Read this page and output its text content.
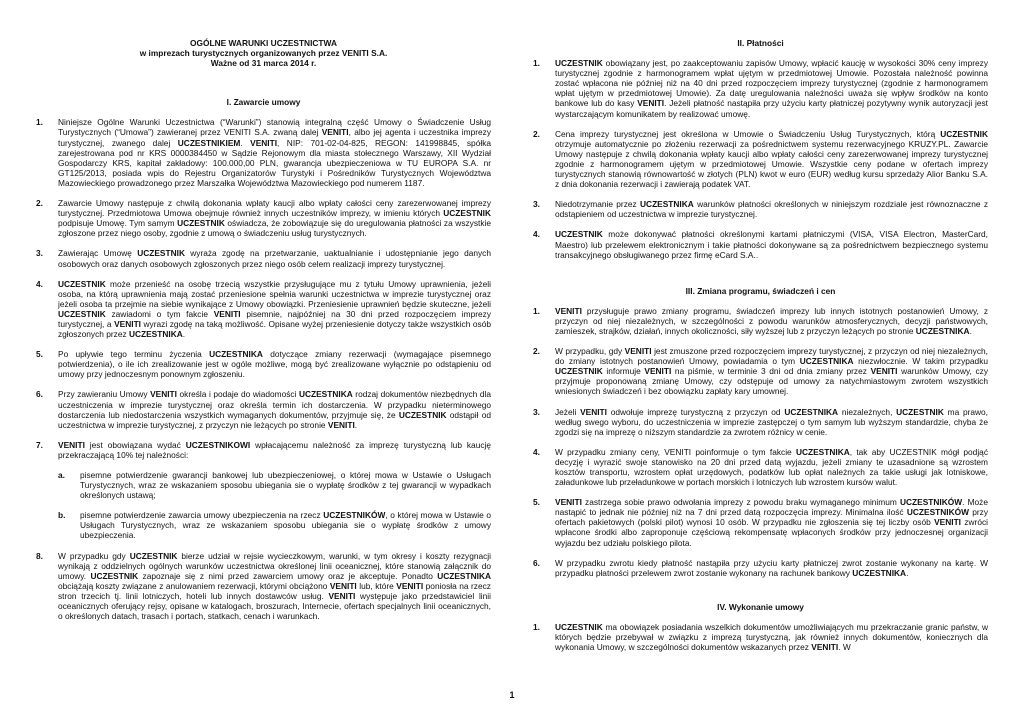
OGÓLNE WARUNKI UCZESTNICTWA
w imprezach turystycznych organizowanych przez VENITI S.A.
Ważne od 31 marca 2014 r.
I. Zawarcie umowy
1. Niniejsze Ogólne Warunki Uczestnictwa (“Warunki”) stanowią integralną część Umowy o Świadczenie Usług Turystycznych (“Umowa”) zawieranej przez VENITI S.A. zwaną dalej VENITI, albo jej agenta i uczestnika imprezy turystycznej, zwanego dalej UCZESTNIKIEM. VENITI, NIP: 701-02-04-825, REGON: 141998845, spółka zarejestrowana pod nr KRS 0000384450 w Sądzie Rejonowym dla miasta stołecznego Warszawy, XII Wydział Gospodarczy KRS, kapitał zakładowy: 100.000,00 PLN, gwarancja ubezpieczeniowa w TU EUROPA S.A. nr GT125/2013, posiada wpis do Rejestru Organizatorów Turystyki i Pośredników Turystycznych Województwa Mazowieckiego prowadzonego przez Marszałka Województwa Mazowieckiego pod numerem 1187.
2. Zawarcie Umowy następuje z chwilą dokonania wpłaty kaucji albo wpłaty całości ceny zarezerwowanej imprezy turystycznej. Przedmiotowa Umowa obejmuje również innych uczestników imprezy, w imieniu których UCZESTNIK podpisuje Umowę. Tym samym UCZESTNIK oświadcza, że zobowiązuje się do uregulowania płatności za wszystkie zgłoszone przez niego osoby, zgodnie z umową o świadczeniu usług turystycznych.
3. Zawierając Umowę UCZESTNIK wyraża zgodę na przetwarzanie, uaktualnianie i udostępnianie jego danych osobowych oraz danych osobowych zgłoszonych przez niego osób celem realizacji imprezy turystycznej.
4. UCZESTNIK może przenieść na osobę trzecią wszystkie przysługujące mu z tytułu Umowy uprawnienia, jeżeli osoba, na którą uprawnienia mają zostać przeniesione spełnia warunki uczestnictwa w imprezie turystycznej oraz jeżeli osoba ta przejmie na siebie wynikające z Umowy obowiązki. Przeniesienie uprawnień będzie skuteczne, jeżeli UCZESTNIK zawiadomi o tym fakcie VENITI pisemnie, najpóźniej na 30 dni przed rozpoczęciem imprezy turystycznej, a VENITI wyrazi zgodę na taką możliwość. Opisane wyżej przeniesienie dotyczy także wszystkich osób zgłoszonych przez UCZESTNIKA.
5. Po upływie tego terminu życzenia UCZESTNIKA dotyczące zmiany rezerwacji (wymagające pisemnego potwierdzenia), o ile ich zrealizowanie jest w ogóle możliwe, mogą być zrealizowane wyłącznie po odstąpieniu od umowy przy jednoczesnym ponownym zgłoszeniu.
6. Przy zawieraniu Umowy VENITI określa i podaje do wiadomości UCZESTNIKA rodzaj dokumentów niezbędnych dla uczestniczenia w imprezie turystycznej oraz określa termin ich dostarczenia. W przypadku nieterminowego dostarczenia lub niedostarczenia wszystkich wymaganych dokumentów, przyjmuje się, że UCZESTNIK odstąpił od uczestnictwa w imprezie turystycznej, z przyczyn nie leżących po stronie VENITI.
7. VENITI jest obowiązana wydać UCZESTNIKOWI wpłacającemu należność za imprezę turystyczną lub kaucję przekraczającą 10% tej należności:
a. pisemne potwierdzenie gwarancji bankowej lub ubezpieczeniowej, o której mowa w Ustawie o Usługach Turystycznych, wraz ze wskazaniem sposobu ubiegania sie o wypłatę środków z tej gwarancji w wypadkach określonych ustawą;
b. pisemne potwierdzenie zawarcia umowy ubezpieczenia na rzecz UCZESTNIKÓW, o której mowa w Ustawie o Usługach Turystycznych, wraz ze wskazaniem sposobu ubiegania sie o wypłatę środków z umowy ubezpieczenia.
8. W przypadku gdy UCZESTNIK bierze udział w rejsie wycieczkowym, warunki, w tym okresy i koszty rezygnacji wynikają z oddzielnych ogólnych warunków uczestnictwa określonej linii oceanicznej, które stanowią załącznik do umowy. UCZESTNIK zapoznaje się z nimi przed zawarciem umowy oraz je akceptuje. Ponadto UCZESTNIKA obciążają koszty związane z anulowaniem rezerwacji, którymi obciążono VENITI lub, które VENITI poniosła na rzecz stron trzecich tj. linii lotniczych, hoteli lub innych dostawców usług. VENITI występuje jako przedstawiciel linii oceanicznych oferujący rejsy, opisane w katalogach, broszurach, Internecie, ofertach specjalnych linii oceanicznych, o określonych datach, trasach i portach, statkach, cenach i warunkach.
II. Płatności
1. UCZESTNIK obowiązany jest, po zaakceptowaniu zapisów Umowy, wpłacić kaucję w wysokości 30% ceny imprezy turystycznej zgodnie z harmonogramem wpłat ujętym w przedmiotowej Umowie. Pozostała należność powinna zostać wpłacona nie później niż na 40 dni przed rozpoczęciem imprezy turystycznej (zgodnie z harmonogramem wpłat ujętym w przedmiotowej Umowie). Za datę uregulowania należności uważa się wpływ środków na konto bankowe lub do kasy VENITI. Jeżeli płatność nastąpiła przy użyciu karty płatniczej pozytywny wynik autoryzacji jest wystarczającym komunikatem by realizować umowę.
2. Cena imprezy turystycznej jest określona w Umowie o Świadczeniu Usług Turystycznych, którą UCZESTNIK otrzymuje automatycznie po złożeniu rezerwacji za pośrednictwem systemu rezerwacyjnego KRUZY.PL. Zawarcie Umowy następuje z chwilą dokonania wpłaty kaucji albo wpłaty całości ceny zarezerwowanej imprezy turystycznej zgodnie z harmonogramem ujętym w przedmiotowej Umowie. Wszystkie ceny podane w ofertach imprezy turystycznych stanowią równowartość w złotych (PLN) kwot w euro (EUR) według kursu sprzedaży Alior Banku S.A. z dnia dokonania rezerwacji i zawierają podatek VAT.
3. Niedotrzymanie przez UCZESTNIKA warunków płatności określonych w niniejszym rozdziale jest równoznaczne z odstąpieniem od uczestnictwa w imprezie turystycznej.
4. UCZESTNIK może dokonywać płatności określonymi kartami płatniczymi (VISA, VISA Electron, MasterCard, Maestro) lub przelewem elektronicznym i takie płatności dokonywane są za pośrednictwem bezpiecznego systemu transakcyjnego obsługiwanego przez firmę eCard S.A..
III. Zmiana programu, świadczeń i cen
1. VENITI przysługuje prawo zmiany programu, świadczeń imprezy lub innych istotnych postanowień Umowy, z przyczyn od niej niezależnych, w szczególności z powodu warunków atmosferycznych, decyzji państwowych, zamieszek, strajków, działań, innych okoliczności, siły wyższej lub z przyczyn leżących po stronie UCZESTNIKA.
2. W przypadku, gdy VENITI jest zmuszone przed rozpoczęciem imprezy turystycznej, z przyczyn od niej niezależnych, do zmiany istotnych postanowień Umowy, powiadamia o tym UCZESTNIKA niezwłocznie. W takim przypadku UCZESTNIK informuje VENITI na piśmie, w terminie 3 dni od dnia zmiany przez VENITI warunków Umowy, czy przyjmuje proponowaną zmianę Umowy, czy odstępuje od umowy za natychmiastowym zwrotem wszystkich wniesionych świadczeń i bez obowiązku zapłaty kary umownej.
3. Jeżeli VENITI odwołuje imprezę turystyczną z przyczyn od UCZESTNIKA niezależnych, UCZESTNIK ma prawo, według swego wyboru, do uczestniczenia w imprezie zastępczej o tym samym lub wyższym standardzie, chyba że zgodzi się na imprezę o niższym standardzie za zwrotem różnicy w cenie.
4. W przypadku zmiany ceny, VENITI poinformuje o tym fakcie UCZESTNIKA, tak aby UCZESTNIK mógł podjąć decyzję i wyrazić swoje stanowisko na 20 dni przed datą wyjazdu, jeżeli zmiany te uzasadnione są wzrostem kosztów transportu, wzrostem opłat urzędowych, podatków lub opłat należnych za takie usługi jak lotniskowe, załadunkowe lub przeładunkowe w portach morskich i lotniczych lub wzrostem kursów walut.
5. VENITI zastrzega sobie prawo odwołania imprezy z powodu braku wymaganego minimum UCZESTNIKÓW. Może nastąpić to jednak nie później niż na 7 dni przed datą rozpoczęcia imprezy. Minimalna ilość UCZESTNIKÓW przy ofertach pakietowych (polski pilot) wynosi 10 osób. W przypadku nie zgłoszenia się tej liczby osób VENITI zwróci wpłacone środki albo zaproponuje częściową rekompensatę wpłaconych środków przy jednoczesnej organizacji wyjazdu bez udziału polskiego pilota.
6. W przypadku zwrotu kiedy płatność nastąpiła przy użyciu karty płatniczej zwrot zostanie wykonany na kartę. W przypadku płatności przelewem zwrot zostanie wykonany na rachunek bankowy UCZESTNIKA.
IV. Wykonanie umowy
1. UCZESTNIK ma obowiązek posiadania wszelkich dokumentów umożliwiających mu przekraczanie granic państw, w których będzie przebywał w związku z imprezą turystyczną, jak również innych dokumentów, koniecznych dla wykonania Umowy, w szczególności dokumentów wskazanych przez VENITI. W
1
